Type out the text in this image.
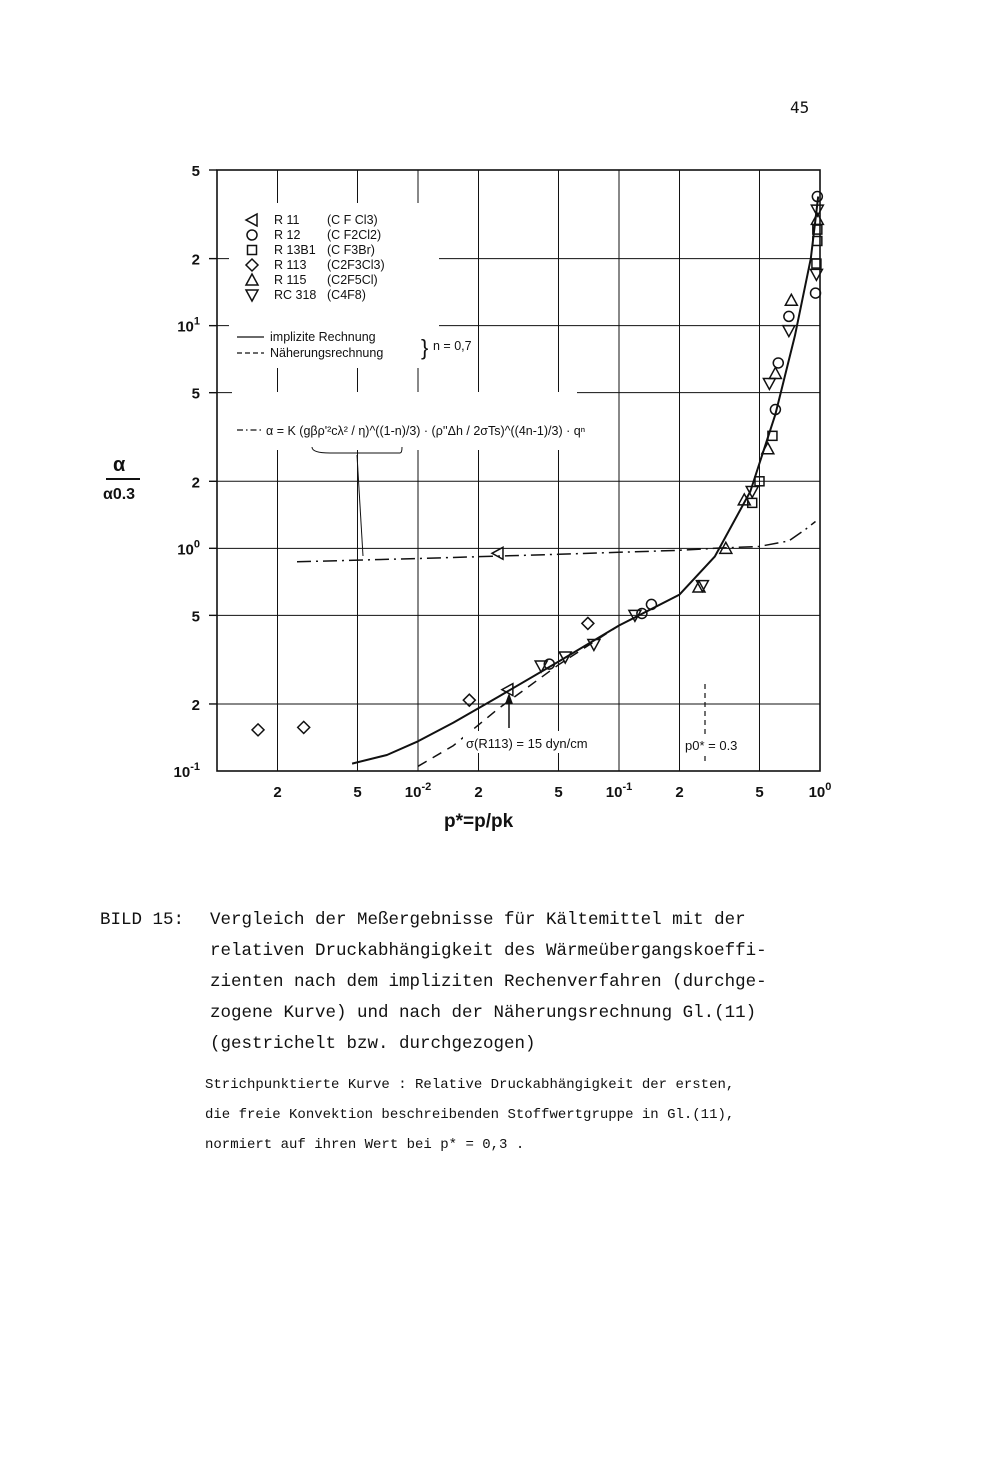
45
2	5	$10^{-2}$	2	5	$10^{-1}$	2	5	$10^0$
$10^{-1}$
2
5
$10^0$
2
5
$10^1$
2
5
R 11 (C F Cl3)
R 12 (C F2Cl2)
R 13B1 (C F3Br)
R 113 (C2F3Cl3)
R 115 (C2F5Cl)
RC 318 (C4F8)
implizite Rechnung
Näherungsrechnung } n = 0,7
α = K (gβρ'²cλ² / η)^((1-n)/3) · (ρ''Δh / 2σTs)^((4n-1)/3) · qⁿ
σ(R113) = 15 dyn/cm	p0* = 0.3
p*=p/pk
α
α0.3
BILD 15:	Vergleich der Meßergebnisse für Kältemittel mit der
relativen Druckabhängigkeit des Wärmeübergangskoeffi-
zienten nach dem impliziten Rechenverfahren (durchge-
zogene Kurve) und nach der Näherungsrechnung Gl.(11)
(gestrichelt bzw. durchgezogen)
Strichpunktierte Kurve : Relative Druckabhängigkeit der ersten,
die freie Konvektion beschreibenden Stoffwertgruppe in Gl.(11),
normiert auf ihren Wert bei p* = 0,3 .
